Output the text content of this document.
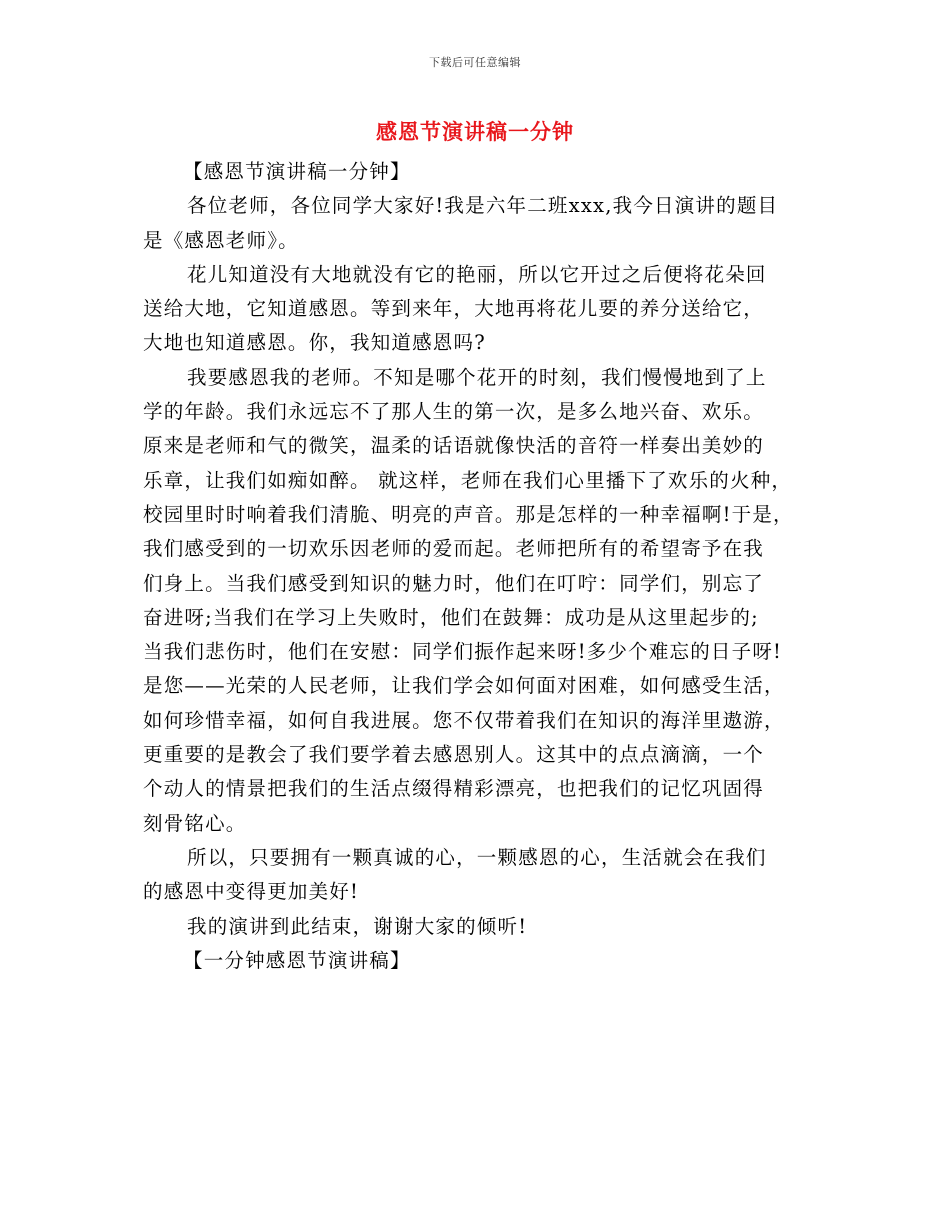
下载后可任意编辑
感恩节演讲稿一分钟
【感恩节演讲稿一分钟】
各位老师，各位同学大家好!我是六年二班xxx,我今日演讲的题目
是《感恩老师》。
花儿知道没有大地就没有它的艳丽，所以它开过之后便将花朵回
送给大地，它知道感恩。等到来年，大地再将花儿要的养分送给它，
大地也知道感恩。你，我知道感恩吗?
我要感恩我的老师。不知是哪个花开的时刻，我们慢慢地到了上
学的年龄。我们永远忘不了那人生的第一次，是多么地兴奋、欢乐。
原来是老师和气的微笑，温柔的话语就像快活的音符一样奏出美妙的
乐章，让我们如痴如醉。 就这样，老师在我们心里播下了欢乐的火种，
校园里时时响着我们清脆、明亮的声音。那是怎样的一种幸福啊!于是，
我们感受到的一切欢乐因老师的爱而起。老师把所有的希望寄予在我
们身上。当我们感受到知识的魅力时，他们在叮咛：同学们，别忘了
奋进呀;当我们在学习上失败时，他们在鼓舞：成功是从这里起步的;
当我们悲伤时，他们在安慰：同学们振作起来呀!多少个难忘的日子呀!
是您——光荣的人民老师，让我们学会如何面对困难，如何感受生活，
如何珍惜幸福，如何自我进展。您不仅带着我们在知识的海洋里遨游，
更重要的是教会了我们要学着去感恩别人。这其中的点点滴滴，一个
个动人的情景把我们的生活点缀得精彩漂亮，也把我们的记忆巩固得
刻骨铭心。
所以，只要拥有一颗真诚的心，一颗感恩的心，生活就会在我们
的感恩中变得更加美好!
我的演讲到此结束，谢谢大家的倾听!
【一分钟感恩节演讲稿】
